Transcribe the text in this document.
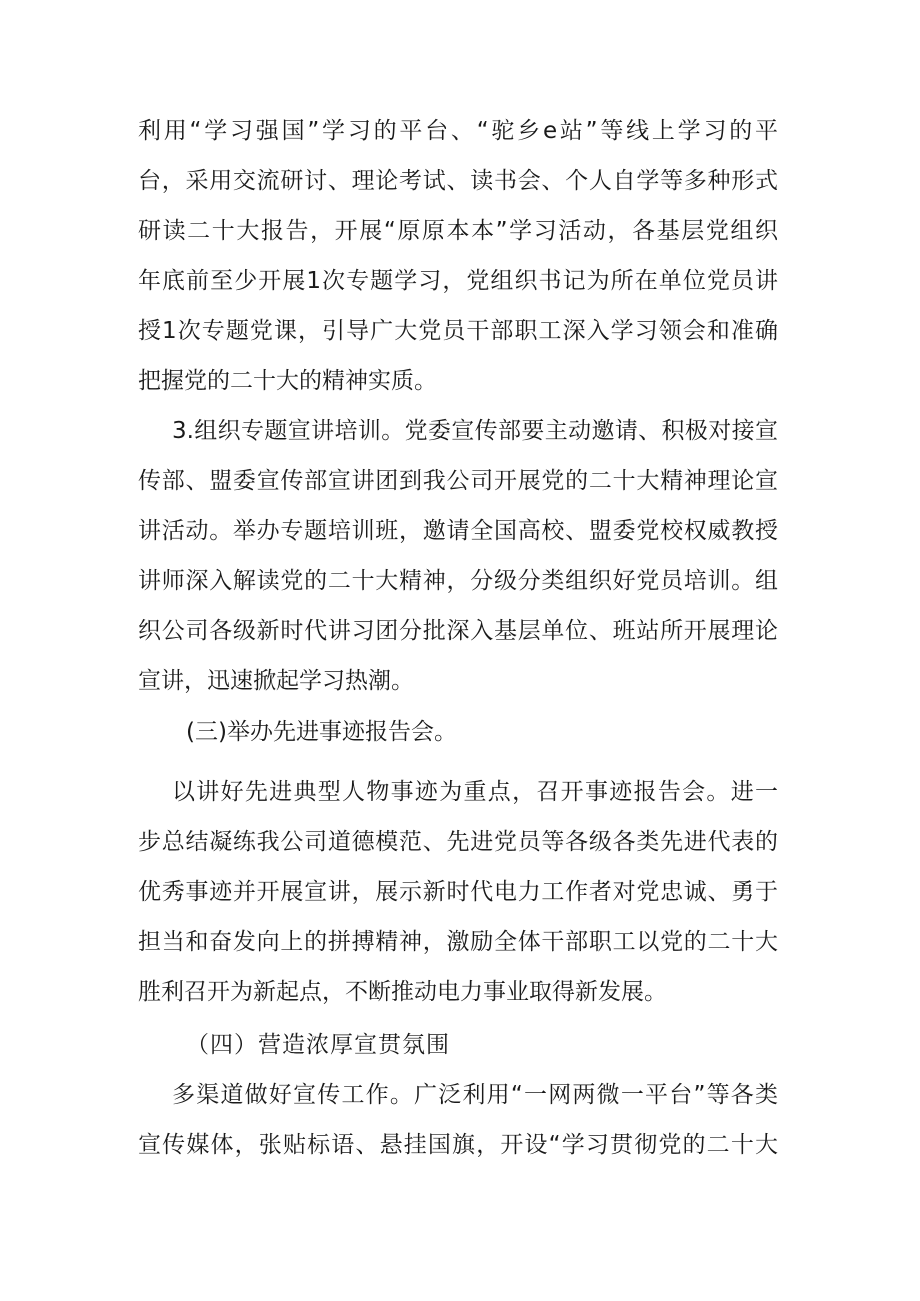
利用“学习强国”学习的平台、“驼乡e站”等线上学习的平
台，采用交流研讨、理论考试、读书会、个人自学等多种形式
研读二十大报告，开展“原原本本”学习活动，各基层党组织
年底前至少开展1次专题学习，党组织书记为所在单位党员讲
授1次专题党课，引导广大党员干部职工深入学习领会和准确
把握党的二十大的精神实质。
3.组织专题宣讲培训。党委宣传部要主动邀请、积极对接宣
传部、盟委宣传部宣讲团到我公司开展党的二十大精神理论宣
讲活动。举办专题培训班，邀请全国高校、盟委党校权威教授
讲师深入解读党的二十大精神，分级分类组织好党员培训。组
织公司各级新时代讲习团分批深入基层单位、班站所开展理论
宣讲，迅速掀起学习热潮。
(三)举办先进事迹报告会。
以讲好先进典型人物事迹为重点，召开事迹报告会。进一
步总结凝练我公司道德模范、先进党员等各级各类先进代表的
优秀事迹并开展宣讲，展示新时代电力工作者对党忠诚、勇于
担当和奋发向上的拼搏精神，激励全体干部职工以党的二十大
胜利召开为新起点，不断推动电力事业取得新发展。
（四）营造浓厚宣贯氛围
多渠道做好宣传工作。广泛利用“一网两微一平台”等各类
宣传媒体，张贴标语、悬挂国旗，开设“学习贯彻党的二十大
